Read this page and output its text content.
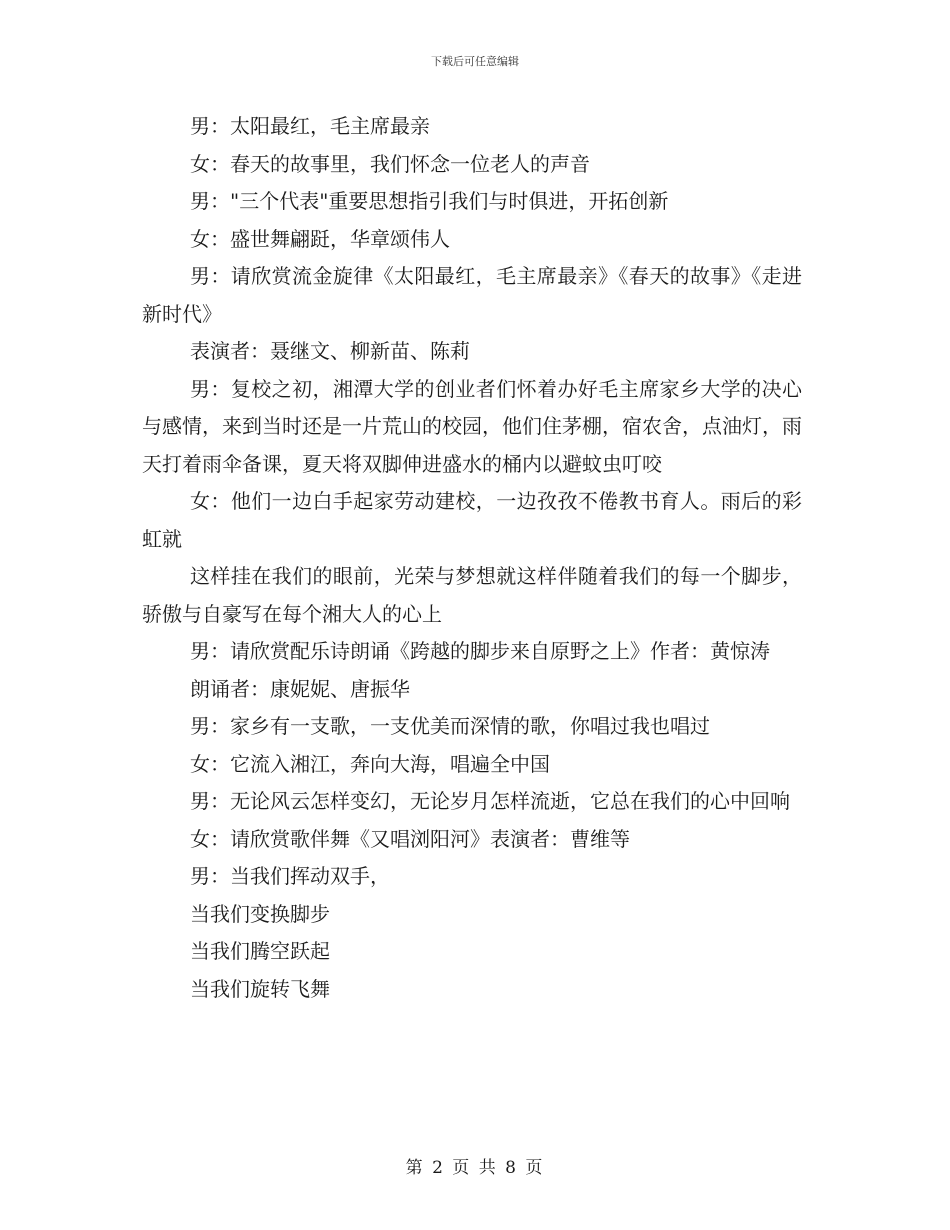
下载后可任意编辑

男：太阳最红，毛主席最亲

女：春天的故事里，我们怀念一位老人的声音

男："三个代表"重要思想指引我们与时俱进，开拓创新

女：盛世舞翩跹，华章颂伟人

男：请欣赏流金旋律《太阳最红，毛主席最亲》《春天的故事》《走进新时代》

表演者：聂继文、柳新苗、陈莉

男：复校之初，湘潭大学的创业者们怀着办好毛主席家乡大学的决心与感情，来到当时还是一片荒山的校园，他们住茅棚，宿农舍，点油灯，雨天打着雨伞备课，夏天将双脚伸进盛水的桶内以避蚊虫叮咬

女：他们一边白手起家劳动建校，一边孜孜不倦教书育人。雨后的彩虹就

这样挂在我们的眼前，光荣与梦想就这样伴随着我们的每一个脚步，骄傲与自豪写在每个湘大人的心上

男：请欣赏配乐诗朗诵《跨越的脚步来自原野之上》作者：黄惊涛

朗诵者：康妮妮、唐振华

男：家乡有一支歌，一支优美而深情的歌，你唱过我也唱过

女：它流入湘江，奔向大海，唱遍全中国

男：无论风云怎样变幻，无论岁月怎样流逝，它总在我们的心中回响

女：请欣赏歌伴舞《又唱浏阳河》表演者：曹维等

男：当我们挥动双手，

当我们变换脚步

当我们腾空跃起

当我们旋转飞舞

第 2 页 共 8 页
